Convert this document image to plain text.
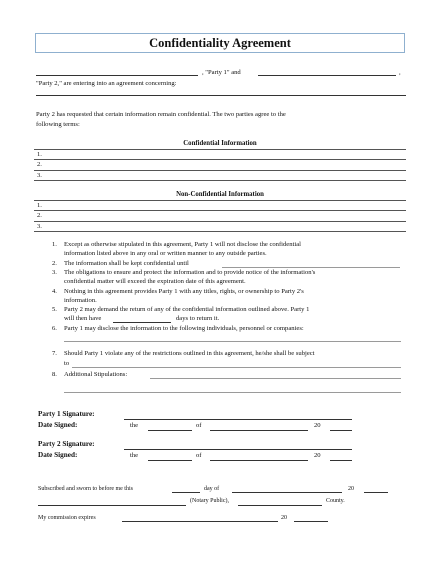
Confidentiality Agreement
, "Party 1" and	,
"Party 2," are entering into an agreement concerning:
Party 2 has requested that certain information remain confidential. The two parties agree to the
following terms:
Confidential Information
1.
2.
3.
Non-Confidential Information
1.
2.
3.
1. Except as otherwise stipulated in this agreement, Party 1 will not disclose the confidential
information listed above in any oral or written manner to any outside parties.
2. The information shall be kept confidential until
3. The obligations to ensure and protect the information and to provide notice of the information's
confidential matter will exceed the expiration date of this agreement.
4. Nothing in this agreement provides Party 1 with any titles, rights, or ownership to Party 2's
information.
5. Party 2 may demand the return of any of the confidential information outlined above. Party 1
will then have	days to return it.
6. Party 1 may disclose the information to the following individuals, personnel or companies:
7. Should Party 1 violate any of the restrictions outlined in this agreement, he/she shall be subject
to
8. Additional Stipulations:
Party 1 Signature:
Date Signed:	the	of	20
Party 2 Signature:
Date Signed:	the	of	20
Subscribed and sworn to before me this	day of	20
(Notary Public),	County.
My commission expires	20
